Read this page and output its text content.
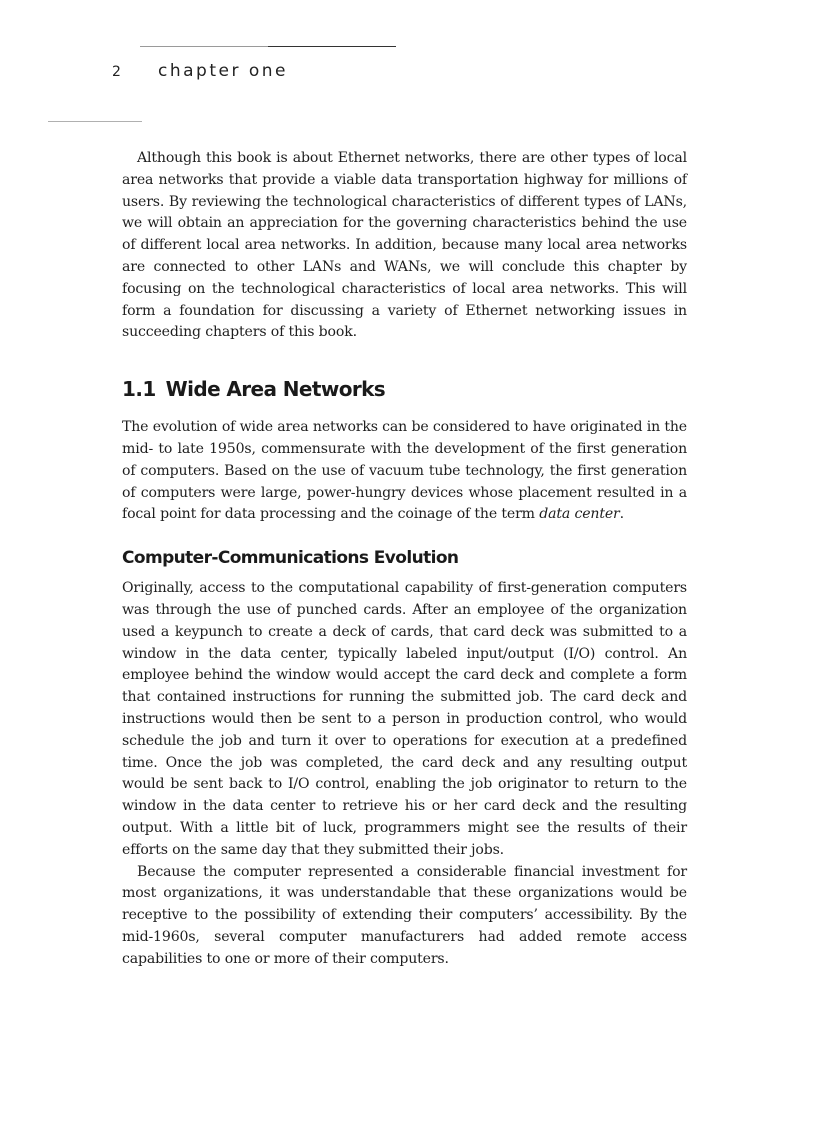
2 chapter one

Although this book is about Ethernet networks, there are other types of local area networks that provide a viable data transportation highway for millions of users. By reviewing the technological characteristics of different types of LANs, we will obtain an appreciation for the governing characteristics behind the use of different local area networks. In addition, because many local area networks are connected to other LANs and WANs, we will conclude this chapter by focusing on the technological characteristics of local area networks. This will form a foundation for discussing a variety of Ethernet networking issues in succeeding chapters of this book.

1.1 Wide Area Networks

The evolution of wide area networks can be considered to have originated in the mid- to late 1950s, commensurate with the development of the first generation of computers. Based on the use of vacuum tube technology, the first generation of computers were large, power-hungry devices whose placement resulted in a focal point for data processing and the coinage of the term data center.

Computer-Communications Evolution

Originally, access to the computational capability of first-generation computers was through the use of punched cards. After an employee of the organization used a keypunch to create a deck of cards, that card deck was submitted to a window in the data center, typically labeled input/output (I/O) control. An employee behind the window would accept the card deck and complete a form that contained instructions for running the submitted job. The card deck and instructions would then be sent to a person in production control, who would schedule the job and turn it over to operations for execution at a predefined time. Once the job was completed, the card deck and any resulting output would be sent back to I/O control, enabling the job originator to return to the window in the data center to retrieve his or her card deck and the resulting output. With a little bit of luck, programmers might see the results of their efforts on the same day that they submitted their jobs.

Because the computer represented a considerable financial investment for most organizations, it was understandable that these organizations would be receptive to the possibility of extending their computers’ accessibility. By the mid-1960s, several computer manufacturers had added remote access capabilities to one or more of their computers.
